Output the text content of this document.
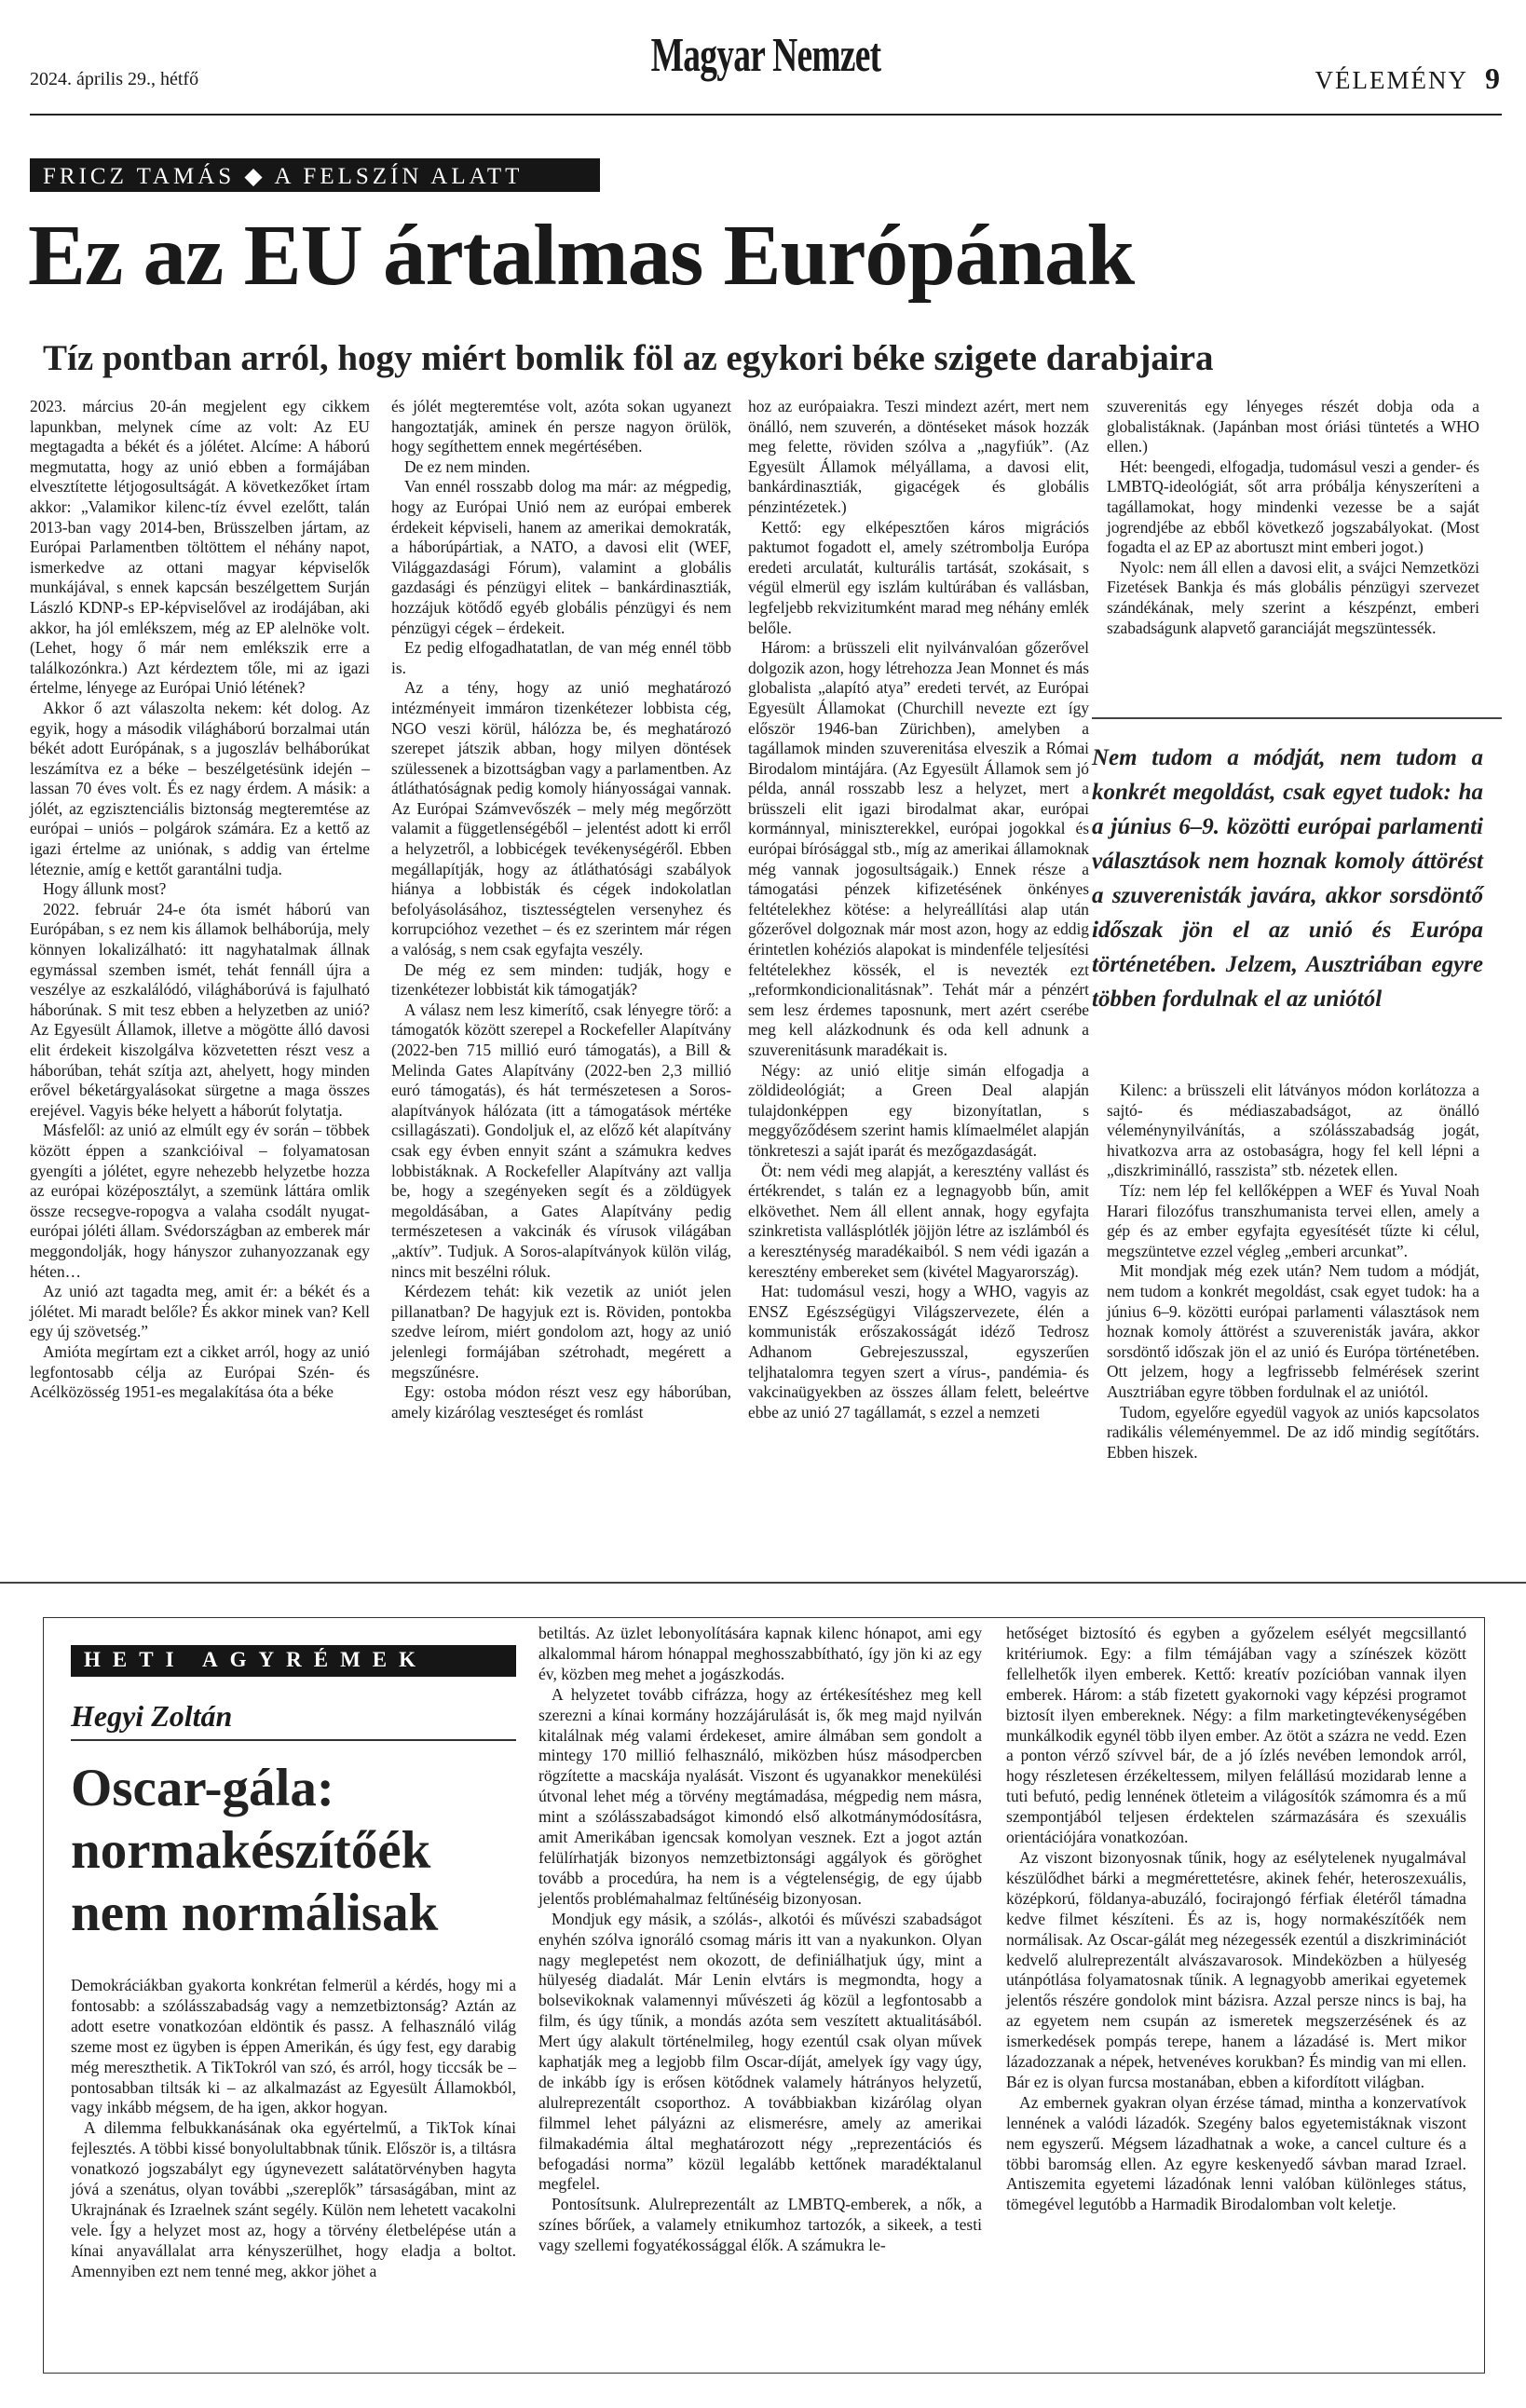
2024. április 29., hétfő	Magyar Nemzet	VÉLEMÉNY 9
FRICZ TAMÁS ◆ A FELSZÍN ALATT
Ez az EU ártalmas Európának
Tíz pontban arról, hogy miért bomlik föl az egykori béke szigete darabjaira

2023. március 20-án megjelent egy cikkem lapunkban, melynek címe az volt: Az EU megtagadta a békét és a jólétet. Alcíme: A háború megmutatta, hogy az unió ebben a formájában elvesztítette létjogosultságát. A következőket írtam akkor: „Valamikor kilenc-tíz évvel ezelőtt, talán 2013-ban vagy 2014-ben, Brüsszelben jártam, az Európai Parlamentben töltöttem el néhány napot, ismerkedve az ottani magyar képviselők munkájával, s ennek kapcsán beszélgettem Surján László KDNP-s EP-képviselővel az irodájában, aki akkor, ha jól emlékszem, még az EP alelnöke volt. (Lehet, hogy ő már nem emlékszik erre a találkozónkra.) Azt kérdeztem tőle, mi az igazi értelme, lényege az Európai Unió létének?

Akkor ő azt válaszolta nekem: két dolog. Az egyik, hogy a második világháború borzalmai után békét adott Európának, s a jugoszláv belháborúkat leszámítva ez a béke – beszélgetésünk idején – lassan 70 éves volt. És ez nagy érdem. A másik: a jólét, az egzisztenciális biztonság megteremtése az európai – uniós – polgárok számára. Ez a kettő az igazi értelme az uniónak, s addig van értelme léteznie, amíg e kettőt garantálni tudja.

Hogy állunk most?

2022. február 24-e óta ismét háború van Európában, s ez nem kis államok belháborúja, mely könnyen lokalizálható: itt nagyhatalmak állnak egymással szemben ismét, tehát fennáll újra a veszélye az eszkalálódó, világháborúvá is fajulható háborúnak. S mit tesz ebben a helyzetben az unió? Az Egyesült Államok, illetve a mögötte álló davosi elit érdekeit kiszolgálva közvetetten részt vesz a háborúban, tehát szítja azt, ahelyett, hogy minden erővel béketárgyalásokat sürgetne a maga összes erejével. Vagyis béke helyett a háborút folytatja.

Másfelől: az unió az elmúlt egy év során – többek között éppen a szankcióival – folyamatosan gyengíti a jólétet, egyre nehezebb helyzetbe hozza az európai középosztályt, a szemünk láttára omlik össze recsegve-ropogva a valaha csodált nyugat-európai jóléti állam. Svédországban az emberek már meggondolják, hogy hányszor zuhanyozzanak egy héten…

Az unió azt tagadta meg, amit ér: a békét és a jólétet. Mi maradt belőle? És akkor minek van? Kell egy új szövetség.”

Amióta megírtam ezt a cikket arról, hogy az unió legfontosabb célja az Európai Szén- és Acélközösség 1951-es megalakítása óta a béke

és jólét megteremtése volt, azóta sokan ugyanezt hangoztatják, aminek én persze nagyon örülök, hogy segíthettem ennek megértésében.

De ez nem minden.

Van ennél rosszabb dolog ma már: az mégpedig, hogy az Európai Unió nem az európai emberek érdekeit képviseli, hanem az amerikai demokraták, a háborúpártiak, a NATO, a davosi elit (WEF, Világgazdasági Fórum), valamint a globális gazdasági és pénzügyi elitek – bankárdinasztiák, hozzájuk kötődő egyéb globális pénzügyi és nem pénzügyi cégek – érdekeit.

Ez pedig elfogadhatatlan, de van még ennél több is.

Az a tény, hogy az unió meghatározó intézményeit immáron tizenkétezer lobbista cég, NGO veszi körül, hálózza be, és meghatározó szerepet játszik abban, hogy milyen döntések szülessenek a bizottságban vagy a parlamentben. Az átláthatóságnak pedig komoly hiányosságai vannak. Az Európai Számvevőszék – mely még megőrzött valamit a függetlenségéből – jelentést adott ki erről a helyzetről, a lobbicégek tevékenységéről. Ebben megállapítják, hogy az átláthatósági szabályok hiánya a lobbisták és cégek indokolatlan befolyásolásához, tisztességtelen versenyhez és korrupcióhoz vezethet – és ez szerintem már régen a valóság, s nem csak egyfajta veszély.

De még ez sem minden: tudják, hogy e tizenkétezer lobbistát kik támogatják?

A válasz nem lesz kimerítő, csak lényegre törő: a támogatók között szerepel a Rockefeller Alapítvány (2022-ben 715 millió euró támogatás), a Bill & Melinda Gates Alapítvány (2022-ben 2,3 millió euró támogatás), és hát természetesen a Soros-alapítványok hálózata (itt a támogatások mértéke csillagászati). Gondoljuk el, az előző két alapítvány csak egy évben ennyit szánt a számukra kedves lobbistáknak. A Rockefeller Alapítvány azt vallja be, hogy a szegényeken segít és a zöldügyek megoldásában, a Gates Alapítvány pedig természetesen a vakcinák és vírusok világában „aktív”. Tudjuk. A Soros-alapítványok külön világ, nincs mit beszélni róluk.

Kérdezem tehát: kik vezetik az uniót jelen pillanatban? De hagyjuk ezt is. Röviden, pontokba szedve leírom, miért gondolom azt, hogy az unió jelenlegi formájában szétrohadt, megérett a megszűnésre.

Egy: ostoba módon részt vesz egy háborúban, amely kizárólag veszteséget és romlást

hoz az európaiakra. Teszi mindezt azért, mert nem önálló, nem szuverén, a döntéseket mások hozzák meg felette, röviden szólva a „nagyfiúk”. (Az Egyesült Államok mélyállama, a davosi elit, bankárdinasztiák, gigacégek és globális pénzintézetek.)

Kettő: egy elképesztően káros migrációs paktumot fogadott el, amely szétrombolja Európa eredeti arculatát, kulturális tartását, szokásait, s végül elmerül egy iszlám kultúrában és vallásban, legfeljebb rekvizitumként marad meg néhány emlék belőle.

Három: a brüsszeli elit nyilvánvalóan gőzerővel dolgozik azon, hogy létrehozza Jean Monnet és más globalista „alapító atya” eredeti tervét, az Európai Egyesült Államokat (Churchill nevezte ezt így először 1946-ban Zürichben), amelyben a tagállamok minden szuverenitása elveszik a Római Birodalom mintájára. (Az Egyesült Államok sem jó példa, annál rosszabb lesz a helyzet, mert a brüsszeli elit igazi birodalmat akar, európai kormánnyal, miniszterekkel, európai jogokkal és európai bírósággal stb., míg az amerikai államoknak még vannak jogosultságaik.) Ennek része a támogatási pénzek kifizetésének önkényes feltételekhez kötése: a helyreállítási alap után gőzerővel dolgoznak már most azon, hogy az eddig érintetlen kohéziós alapokat is mindenféle teljesítési feltételekhez kössék, el is nevezték ezt „reformkondicionalitásnak”. Tehát már a pénzért sem lesz érdemes taposnunk, mert azért cserébe meg kell alázkodnunk és oda kell adnunk a szuverenitásunk maradékait is.

Négy: az unió elitje simán elfogadja a zöldideológiát; a Green Deal alapján tulajdonképpen egy bizonyítatlan, s meggyőződésem szerint hamis klímaelmélet alapján tönkreteszi a saját iparát és mezőgazdaságát.

Öt: nem védi meg alapját, a keresztény vallást és értékrendet, s talán ez a legnagyobb bűn, amit elkövethet. Nem áll ellent annak, hogy egyfajta szinkretista vallásplótlék jöjjön létre az iszlámból és a kereszténység maradékaiból. S nem védi igazán a keresztény embereket sem (kivétel Magyarország).

Hat: tudomásul veszi, hogy a WHO, vagyis az ENSZ Egészségügyi Világszervezete, élén a kommunisták erőszakosságát idéző Tedrosz Adhanom Gebrejeszusszal, egyszerűen teljhatalomra tegyen szert a vírus-, pandémia- és vakcinaügyekben az összes állam felett, beleértve ebbe az unió 27 tagállamát, s ezzel a nemzeti

szuverenitás egy lényeges részét dobja oda a globalistáknak. (Japánban most óriási tüntetés a WHO ellen.)

Hét: beengedi, elfogadja, tudomásul veszi a gender- és LMBTQ-ideológiát, sőt arra próbálja kényszeríteni a tagállamokat, hogy mindenki vezesse be a saját jogrendjébe az ebből következő jogszabályokat. (Most fogadta el az EP az abortuszt mint emberi jogot.)

Nyolc: nem áll ellen a davosi elit, a svájci Nemzetközi Fizetések Bankja és más globális pénzügyi szervezet szándékának, mely szerint a készpénzt, emberi szabadságunk alapvető garanciáját megszüntessék.

Nem tudom a módját, nem tudom a konkrét megoldást, csak egyet tudok: ha a június 6–9. közötti európai parlamenti választások nem hoznak komoly áttörést a szuverenisták javára, akkor sorsdöntő időszak jön el az unió és Európa történetében. Jelzem, Ausztriában egyre többen fordulnak el az uniótól

Kilenc: a brüsszeli elit látványos módon korlátozza a sajtó- és médiaszabadságot, az önálló véleménynyilvánítás, a szólásszabadság jogát, hivatkozva arra az ostobaságra, hogy fel kell lépni a „diszkriminálló, rasszista” stb. nézetek ellen.

Tíz: nem lép fel kellőképpen a WEF és Yuval Noah Harari filozófus transzhumanista tervei ellen, amely a gép és az ember egyfajta egyesítését tűzte ki célul, megszüntetve ezzel végleg „emberi arcunkat”.

Mit mondjak még ezek után? Nem tudom a módját, nem tudom a konkrét megoldást, csak egyet tudok: ha a június 6–9. közötti európai parlamenti választások nem hoznak komoly áttörést a szuverenisták javára, akkor sorsdöntő időszak jön el az unió és Európa történetében. Ott jelzem, hogy a legfrissebb felmérések szerint Ausztriában egyre többen fordulnak el az uniótól.

Tudom, egyelőre egyedül vagyok az uniós kapcsolatos radikális véleményemmel. De az idő mindig segítőtárs. Ebben hiszek.

HETI AGYRÉMEK
Hegyi Zoltán
Oscar-gála: normakészítőék nem normálisak

Demokráciákban gyakorta konkrétan felmerül a kérdés, hogy mi a fontosabb: a szólásszabadság vagy a nemzetbiztonság? Aztán az adott esetre vonatkozóan eldöntik és passz. A felhasználó világ szeme most ez ügyben is éppen Amerikán, és úgy fest, egy darabig még mereszthetik. A TikTokról van szó, és arról, hogy ticcsák be – pontosabban tiltsák ki – az alkalmazást az Egyesült Államokból, vagy inkább mégsem, de ha igen, akkor hogyan.

A dilemma felbukkanásának oka egyértelmű, a TikTok kínai fejlesztés. A többi kissé bonyolultabbnak tűnik. Először is, a tiltásra vonatkozó jogszabályt egy úgynevezett salátatörvényben hagyta jóvá a szenátus, olyan további „szereplők” társaságában, mint az Ukrajnának és Izraelnek szánt segély. Külön nem lehetett vacakolni vele. Így a helyzet most az, hogy a törvény életbelépése után a kínai anyavállalat arra kényszerülhet, hogy eladja a boltot. Amennyiben ezt nem tenné meg, akkor jöhet a

betiltás. Az üzlet lebonyolítására kapnak kilenc hónapot, ami egy alkalommal három hónappal meghosszabbítható, így jön ki az egy év, közben meg mehet a jogászkodás.

A helyzetet tovább cifrázza, hogy az értékesítéshez meg kell szerezni a kínai kormány hozzájárulását is, ők meg majd nyilván kitalálnak még valami érdekeset, amire álmában sem gondolt a mintegy 170 millió felhasználó, miközben húsz másodpercben rögzítette a macskája nyalását. Viszont és ugyanakkor menekülési útvonal lehet még a törvény megtámadása, mégpedig nem másra, mint a szólásszabadságot kimondó első alkotmánymódosításra, amit Amerikában igencsak komolyan vesznek. Ezt a jogot aztán felülírhatják bizonyos nemzetbiztonsági aggályok és göröghet tovább a procedúra, ha nem is a végtelenségig, de egy újabb jelentős problémahalmaz feltűnéséig bizonyosan.

Mondjuk egy másik, a szólás-, alkotói és művészi szabadságot enyhén szólva ignoráló csomag máris itt van a nyakunkon. Olyan nagy meglepetést nem okozott, de definiálhatjuk úgy, mint a hülyeség diadalát. Már Lenin elvtárs is megmondta, hogy a bolsevikoknak valamennyi művészeti ág közül a legfontosabb a film, és úgy tűnik, a mondás azóta sem veszített aktualitásából. Mert úgy alakult történelmileg, hogy ezentúl csak olyan művek kaphatják meg a legjobb film Oscar-díját, amelyek így vagy úgy, de inkább így is erősen kötődnek valamely hátrányos helyzetű, alulreprezentált csoporthoz. A továbbiakban kizárólag olyan filmmel lehet pályázni az elismerésre, amely az amerikai filmakadémia által meghatározott négy „reprezentációs és befogadási norma” közül legalább kettőnek maradéktalanul megfelel.

Pontosítsunk. Alulreprezentált az LMBTQ-emberek, a nők, a színes bőrűek, a valamely etnikumhoz tartozók, a sikeek, a testi vagy szellemi fogyatékossággal élők. A számukra le-

hetőséget biztosító és egyben a győzelem esélyét megcsillantó kritériumok. Egy: a film témájában vagy a színészek között fellelhetők ilyen emberek. Kettő: kreatív pozícióban vannak ilyen emberek. Három: a stáb fizetett gyakornoki vagy képzési programot biztosít ilyen embereknek. Négy: a film marketingtevékenységében munkálkodik egynél több ilyen ember. Az ötöt a százra ne vedd. Ezen a ponton vérző szívvel bár, de a jó ízlés nevében lemondok arról, hogy részletesen érzékeltessem, milyen felállású mozidarab lenne a tuti befutó, pedig lennének ötleteim a világosítók számomra és a mű szempontjából teljesen érdektelen származására és szexuális orientációjára vonatkozóan.

Az viszont bizonyosnak tűnik, hogy az esélytelenek nyugalmával készülődhet bárki a megmérettetésre, akinek fehér, heteroszexuális, középkorú, földanya-abuzáló, focirajongó férfiak életéről támadna kedve filmet készíteni. És az is, hogy normakészítőék nem normálisak. Az Oscar-gálát meg nézegessék ezentúl a diszkriminációt kedvelő alulreprezentált alvászavarosok. Mindeközben a hülyeség utánpótlása folyamatosnak tűnik. A legnagyobb amerikai egyetemek jelentős részére gondolok mint bázisra. Azzal persze nincs is baj, ha az egyetem nem csupán az ismeretek megszerzésének és az ismerkedések pompás terepe, hanem a lázadásé is. Mert mikor lázadozzanak a népek, hetvenéves korukban? És mindig van mi ellen. Bár ez is olyan furcsa mostanában, ebben a kifordított világban.

Az embernek gyakran olyan érzése támad, mintha a konzervatívok lennének a valódi lázadók. Szegény balos egyetemistáknak viszont nem egyszerű. Mégsem lázadhatnak a woke, a cancel culture és a többi baromság ellen. Az egyre keskenyedő sávban marad Izrael. Antiszemita egyetemi lázadónak lenni valóban különleges státus, tömegével legutóbb a Harmadik Birodalomban volt keletje.
